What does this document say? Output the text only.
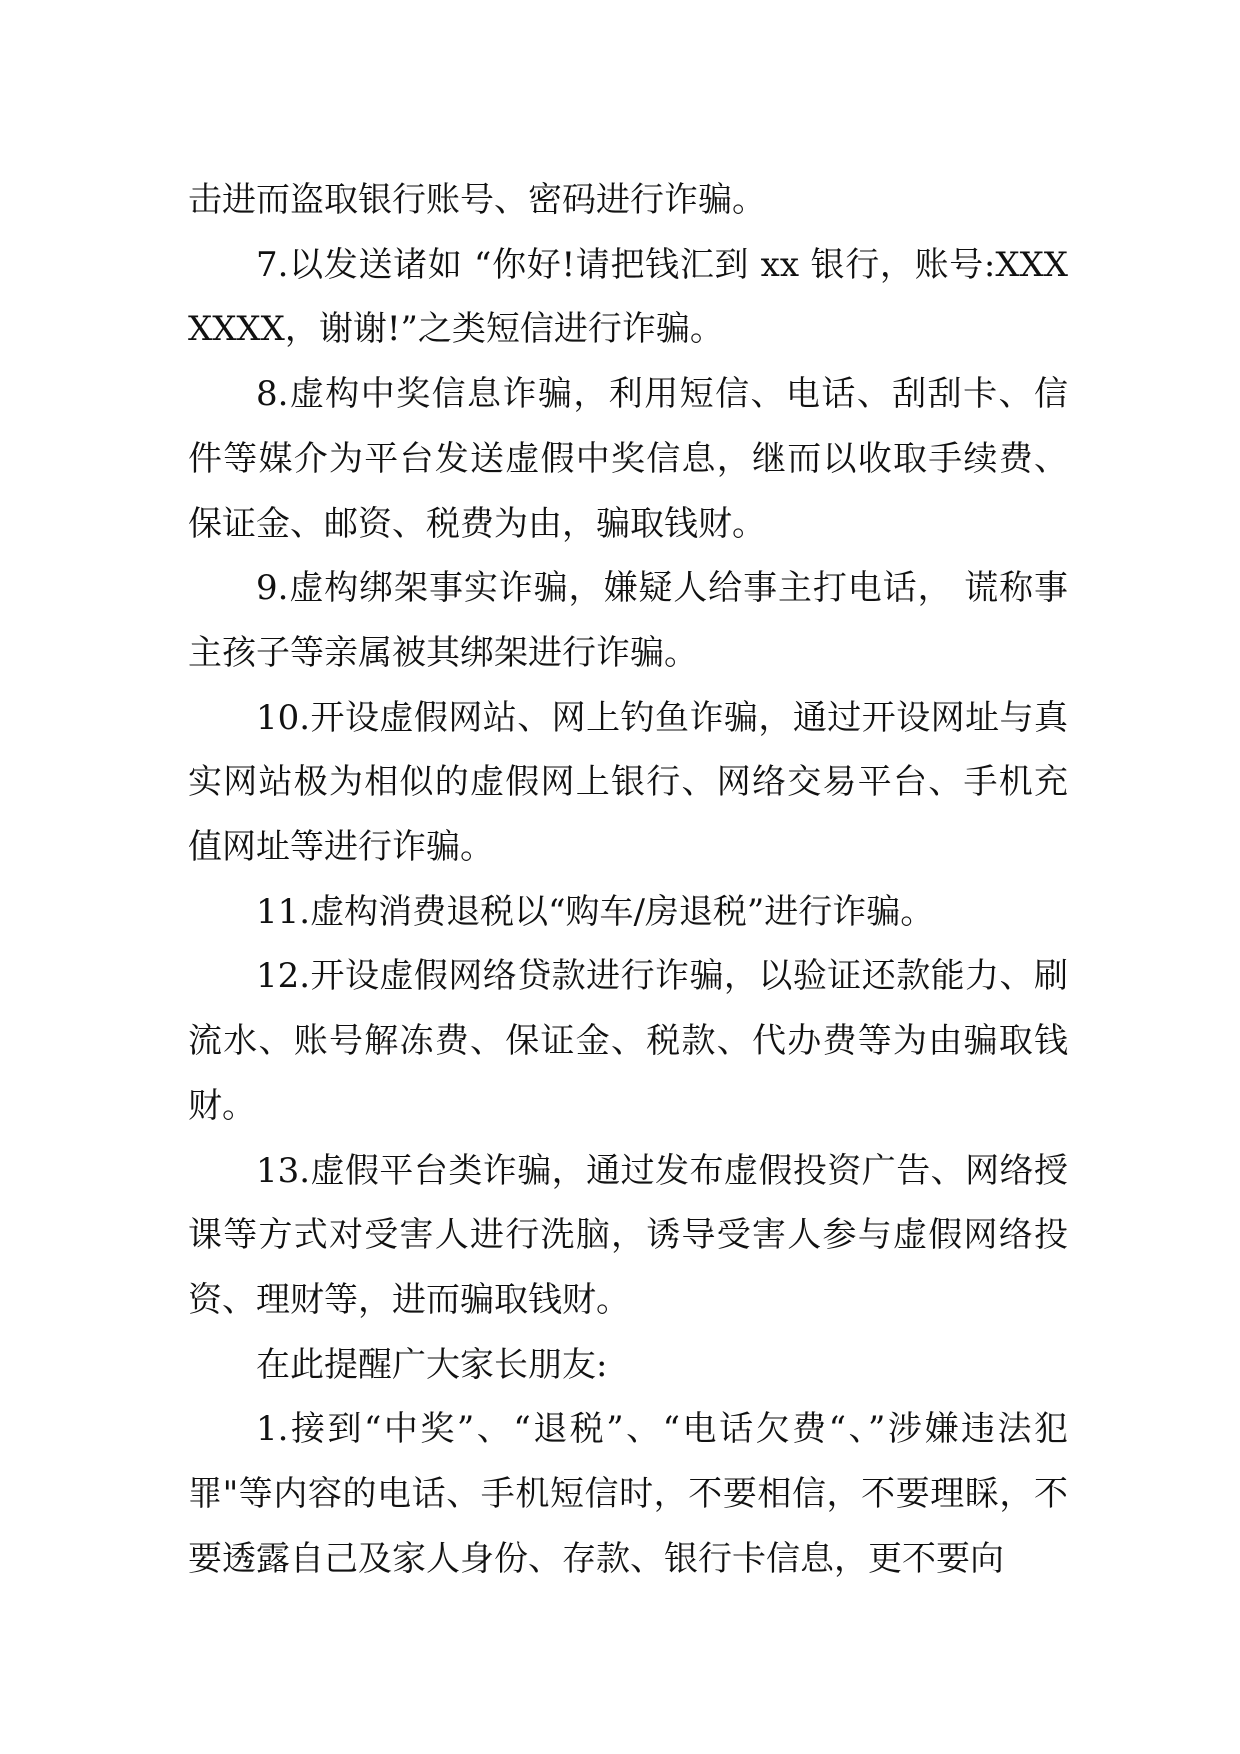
击进而盗取银行账号、密码进行诈骗。

7.以发送诸如 “你好!请把钱汇到 xx 银行，账号:XXXXXXX，谢谢!”之类短信进行诈骗。

8.虚构中奖信息诈骗，利用短信、电话、刮刮卡、信件等媒介为平台发送虚假中奖信息，继而以收取手续费、保证金、邮资、税费为由，骗取钱财。

9.虚构绑架事实诈骗，嫌疑人给事主打电话， 谎称事主孩子等亲属被其绑架进行诈骗。

10.开设虚假网站、网上钓鱼诈骗，通过开设网址与真实网站极为相似的虚假网上银行、网络交易平台、手机充值网址等进行诈骗。

11.虚构消费退税以“购车/房退税”进行诈骗。

12.开设虚假网络贷款进行诈骗，以验证还款能力、刷流水、账号解冻费、保证金、税款、代办费等为由骗取钱财。

13.虚假平台类诈骗，通过发布虚假投资广告、网络授课等方式对受害人进行洗脑，诱导受害人参与虚假网络投资、理财等，进而骗取钱财。

在此提醒广大家长朋友:

1.接到“中奖”、“退税”、“电话欠费“、”涉嫌违法犯罪"等内容的电话、手机短信时，不要相信，不要理睬，不要透露自己及家人身份、存款、银行卡信息，更不要向
